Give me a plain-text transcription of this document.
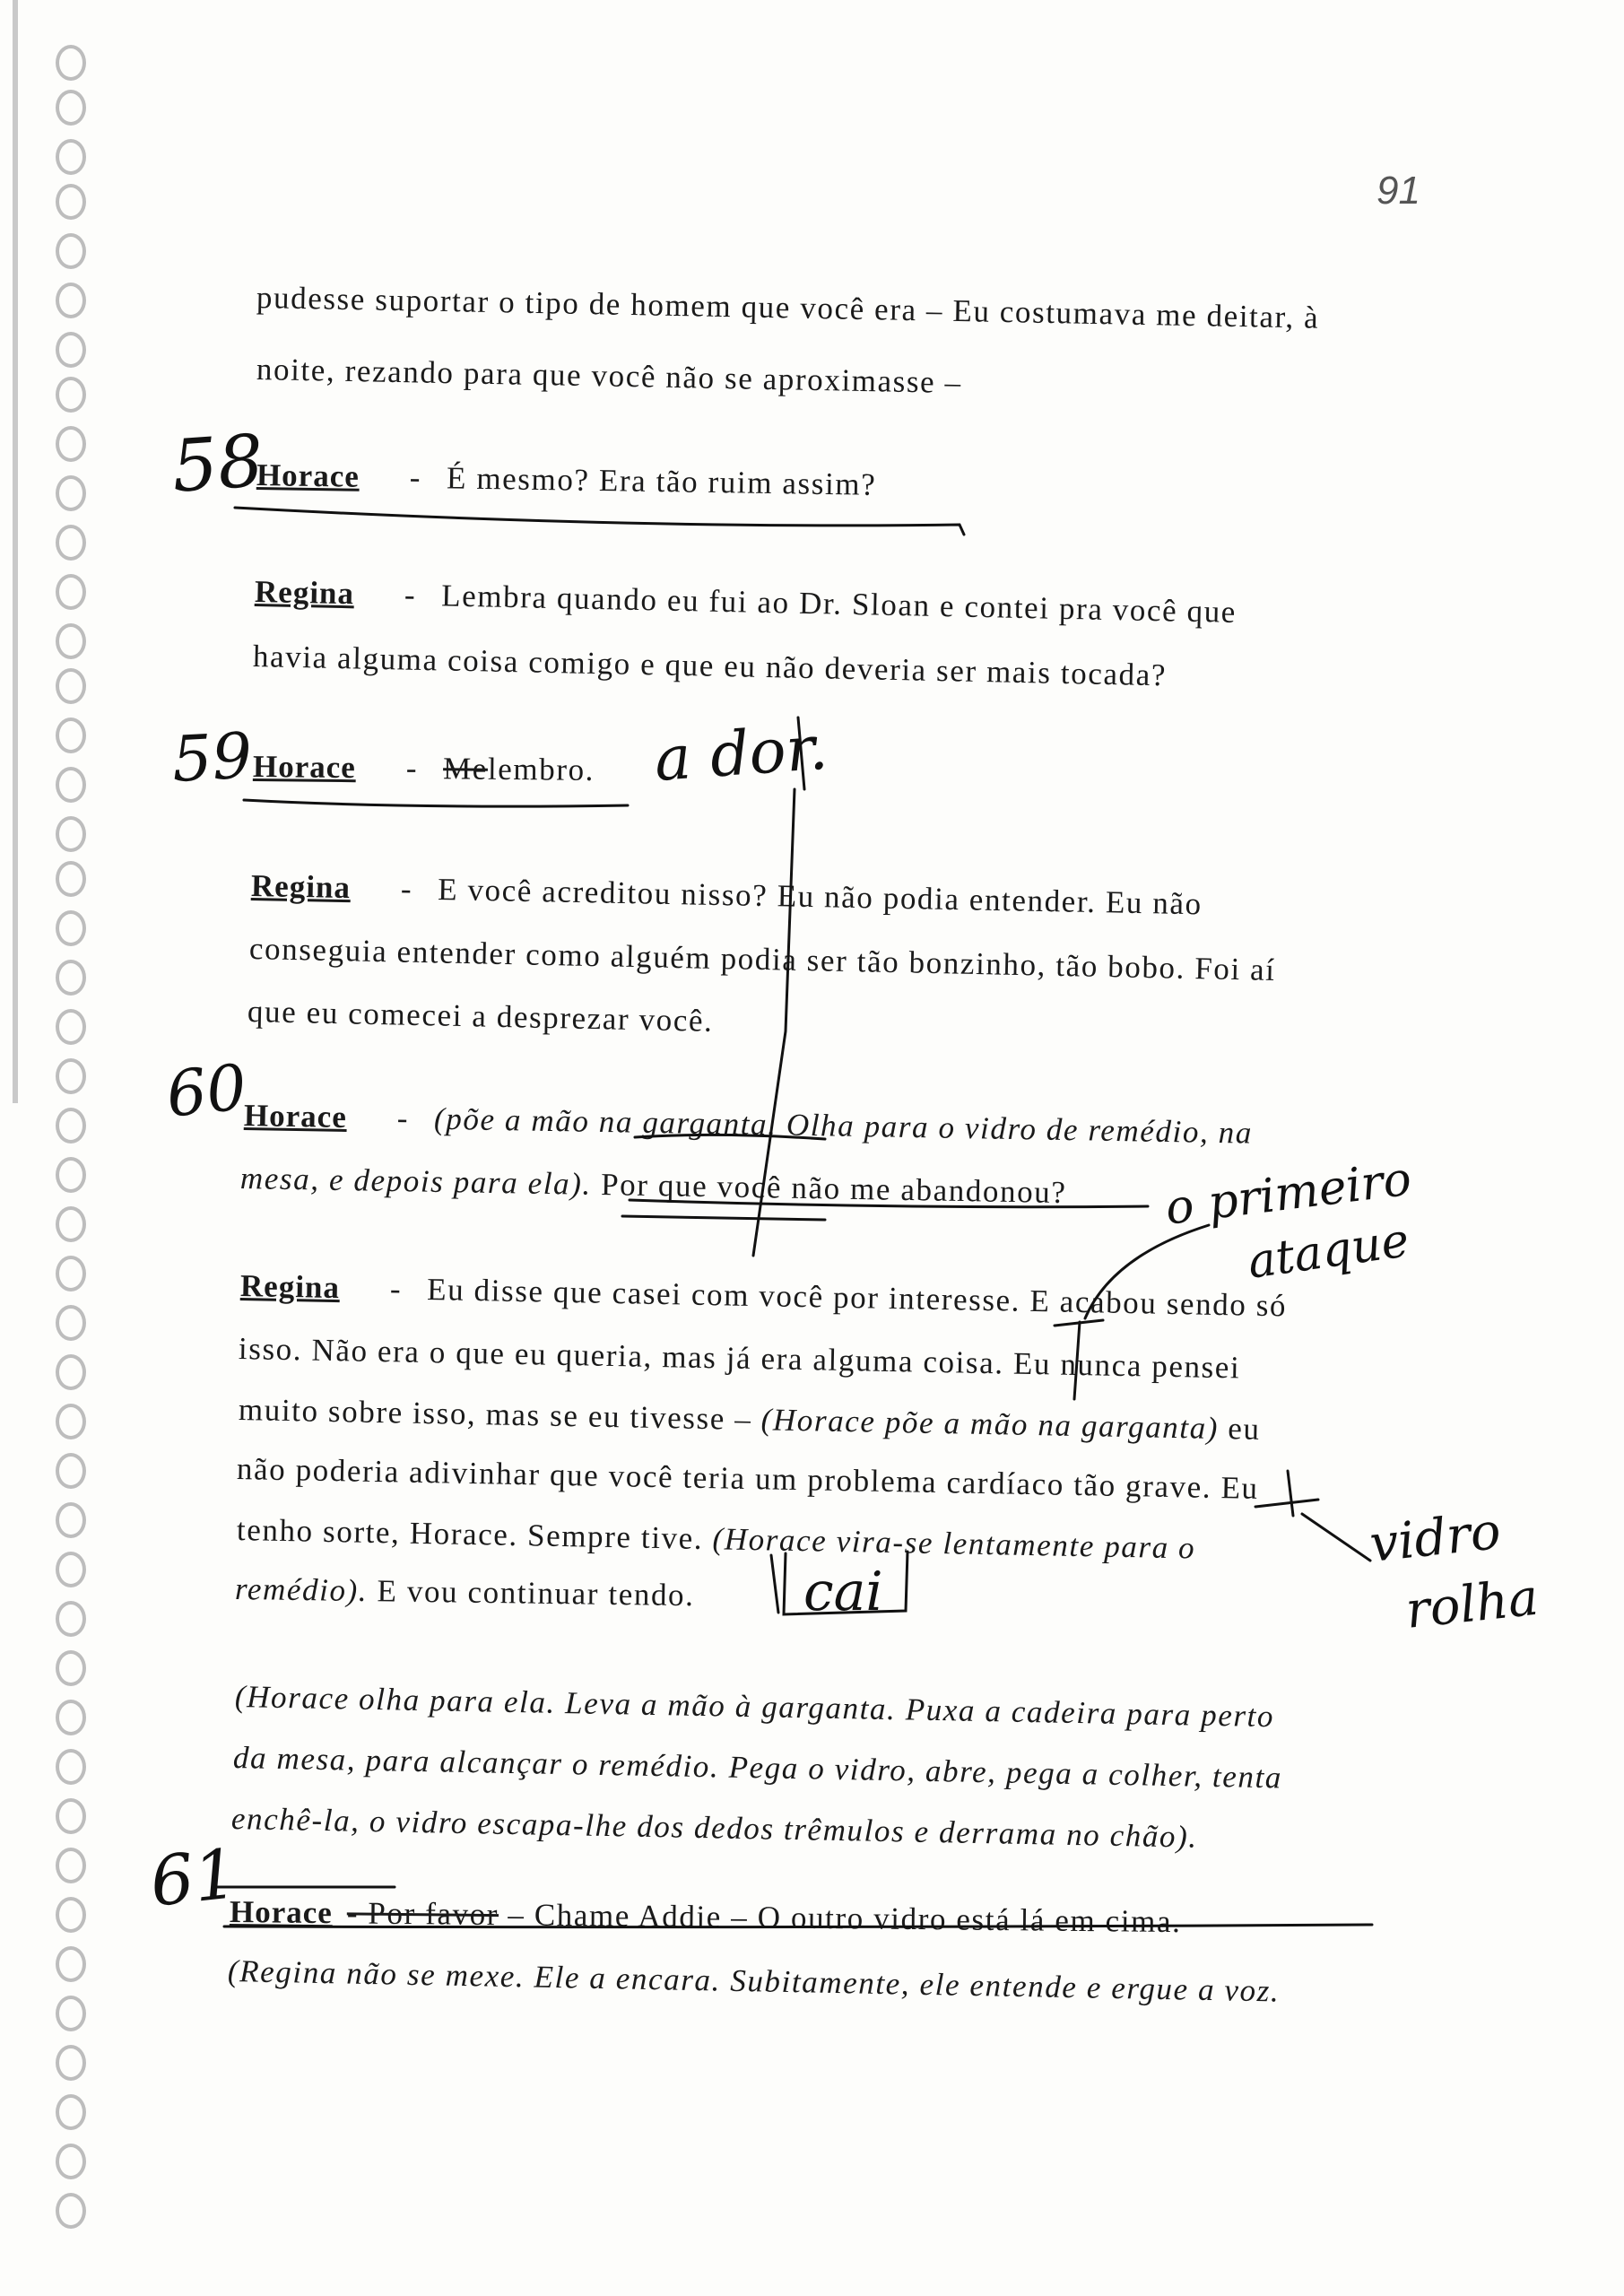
91
pudesse suportar o tipo de homem que você era – Eu costumava me deitar, à
noite, rezando para que você não se aproximasse –
Horace - É mesmo? Era tão ruim assim?
Regina - Lembra quando eu fui ao Dr. Sloan e contei pra você que
havia alguma coisa comigo e que eu não deveria ser mais tocada?
Horace - Melembro.
Regina - E você acreditou nisso? Eu não podia entender. Eu não
conseguia entender como alguém podia ser tão bonzinho, tão bobo. Foi aí
que eu comecei a desprezar você.
Horace - (põe a mão na garganta. Olha para o vidro de remédio, na
mesa, e depois para ela). Por que você não me abandonou?
Regina - Eu disse que casei com você por interesse. E acabou sendo só
isso. Não era o que eu queria, mas já era alguma coisa. Eu nunca pensei
muito sobre isso, mas se eu tivesse – (Horace põe a mão na garganta) eu
não poderia adivinhar que você teria um problema cardíaco tão grave. Eu
tenho sorte, Horace. Sempre tive. (Horace vira-se lentamente para o
remédio). E vou continuar tendo.
(Horace olha para ela. Leva a mão à garganta. Puxa a cadeira para perto
da mesa, para alcançar o remédio. Pega o vidro, abre, pega a colher, tenta
enchê-la, o vidro escapa-lhe dos dedos trêmulos e derrama no chão).
Horace - Por favor – Chame Addie – O outro vidro está lá em cima.
(Regina não se mexe. Ele a encara. Subitamente, ele entende e ergue a voz.
58
59
60
61
a dor.
o primeiro
ataque
vidro
rolha
cai
